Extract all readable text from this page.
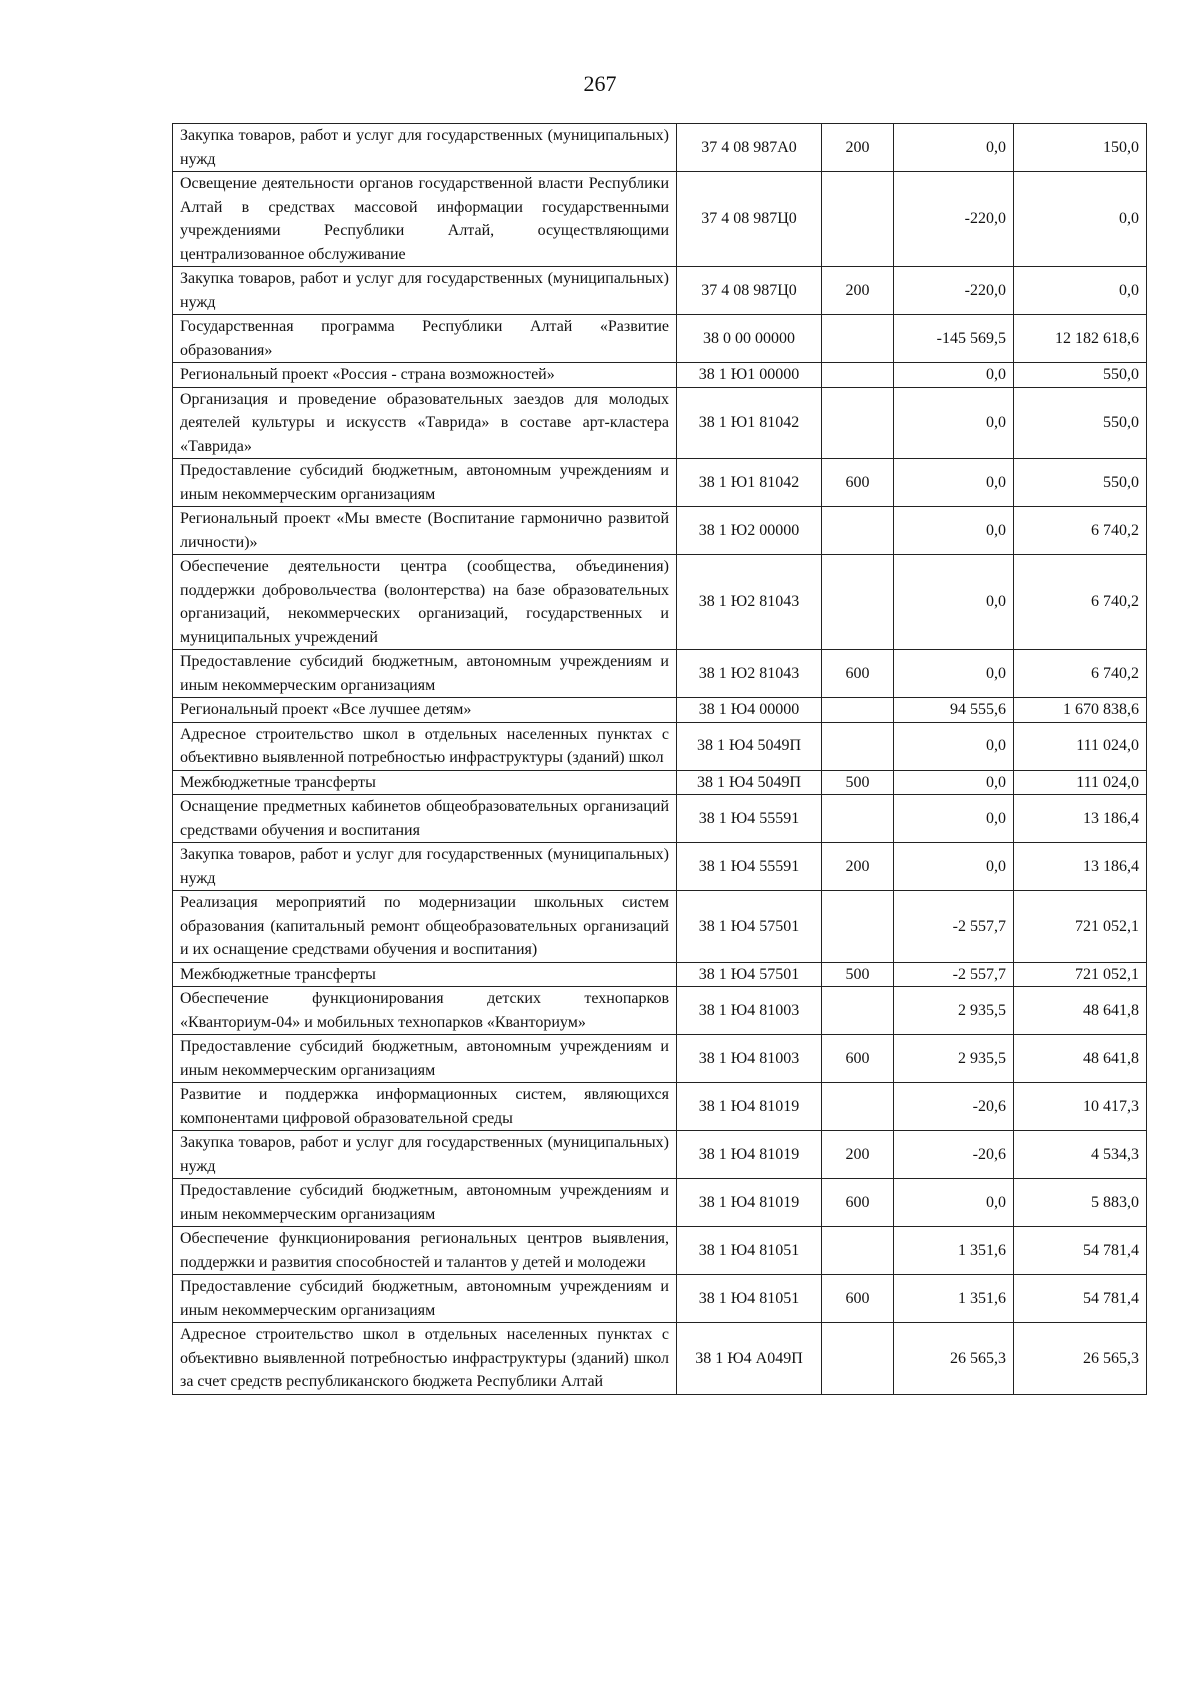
267
Закупка товаров, работ и услуг для государственных (муниципальных) нужд	37 4 08 987А0	200	0,0	150,0
Освещение деятельности органов государственной власти Республики Алтай в средствах массовой информации государственными учреждениями Республики Алтай, осуществляющими централизованное обслуживание	37 4 08 987Ц0		-220,0	0,0
Закупка товаров, работ и услуг для государственных (муниципальных) нужд	37 4 08 987Ц0	200	-220,0	0,0
Государственная программа Республики Алтай «Развитие образования»	38 0 00 00000		-145 569,5	12 182 618,6
Региональный проект «Россия - страна возможностей»	38 1 Ю1 00000		0,0	550,0
Организация и проведение образовательных заездов для молодых деятелей культуры и искусств «Таврида» в составе арт-кластера «Таврида»	38 1 Ю1 81042		0,0	550,0
Предоставление субсидий бюджетным, автономным учреждениям и иным некоммерческим организациям	38 1 Ю1 81042	600	0,0	550,0
Региональный проект «Мы вместе (Воспитание гармонично развитой личности)»	38 1 Ю2 00000		0,0	6 740,2
Обеспечение деятельности центра (сообщества, объединения) поддержки добровольчества (волонтерства) на базе образовательных организаций, некоммерческих организаций, государственных и муниципальных учреждений	38 1 Ю2 81043		0,0	6 740,2
Предоставление субсидий бюджетным, автономным учреждениям и иным некоммерческим организациям	38 1 Ю2 81043	600	0,0	6 740,2
Региональный проект «Все лучшее детям»	38 1 Ю4 00000		94 555,6	1 670 838,6
Адресное строительство школ в отдельных населенных пунктах с объективно выявленной потребностью инфраструктуры (зданий) школ	38 1 Ю4 5049П		0,0	111 024,0
Межбюджетные трансферты	38 1 Ю4 5049П	500	0,0	111 024,0
Оснащение предметных кабинетов общеобразовательных организаций средствами обучения и воспитания	38 1 Ю4 55591		0,0	13 186,4
Закупка товаров, работ и услуг для государственных (муниципальных) нужд	38 1 Ю4 55591	200	0,0	13 186,4
Реализация мероприятий по модернизации школьных систем образования (капитальный ремонт общеобразовательных организаций и их оснащение средствами обучения и воспитания)	38 1 Ю4 57501		-2 557,7	721 052,1
Межбюджетные трансферты	38 1 Ю4 57501	500	-2 557,7	721 052,1
Обеспечение функционирования детских технопарков «Кванториум-04» и мобильных технопарков «Кванториум»	38 1 Ю4 81003		2 935,5	48 641,8
Предоставление субсидий бюджетным, автономным учреждениям и иным некоммерческим организациям	38 1 Ю4 81003	600	2 935,5	48 641,8
Развитие и поддержка информационных систем, являющихся компонентами цифровой образовательной среды	38 1 Ю4 81019		-20,6	10 417,3
Закупка товаров, работ и услуг для государственных (муниципальных) нужд	38 1 Ю4 81019	200	-20,6	4 534,3
Предоставление субсидий бюджетным, автономным учреждениям и иным некоммерческим организациям	38 1 Ю4 81019	600	0,0	5 883,0
Обеспечение функционирования региональных центров выявления, поддержки и развития способностей и талантов у детей и молодежи	38 1 Ю4 81051		1 351,6	54 781,4
Предоставление субсидий бюджетным, автономным учреждениям и иным некоммерческим организациям	38 1 Ю4 81051	600	1 351,6	54 781,4
Адресное строительство школ в отдельных населенных пунктах с объективно выявленной потребностью инфраструктуры (зданий) школ за счет средств республиканского бюджета Республики Алтай	38 1 Ю4 А049П		26 565,3	26 565,3
